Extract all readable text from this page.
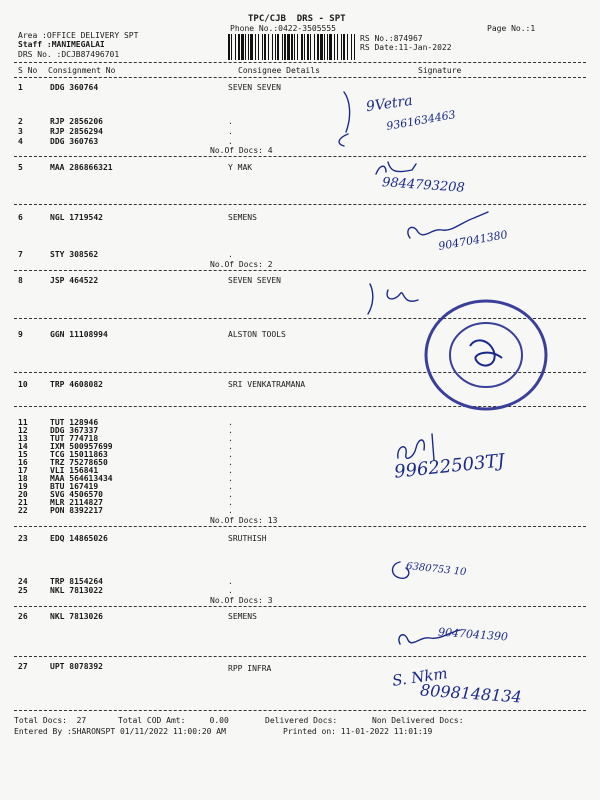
TPC/CJB  DRS - SPT
Phone No.:0422-3505555	Page No.:1
Area :OFFICE DELIVERY SPT
Staff :MANIMEGALAI
DRS No. :DCJB87496701
RS No.:874967
RS Date:11-Jan-2022
S No Consignment No	Consignee Details	Signature
1	DDG 360764	SEVEN SEVEN
2	RJP 2856206	.
3	RJP 2856294	.
4	DDG 360763	.
No.Of Docs: 4
5	MAA 286866321	Y MAK
6	NGL 1719542	SEMENS
7	STY 308562	.
No.Of Docs: 2
8	JSP 464522	SEVEN SEVEN
9	GGN 11108994	ALSTON TOOLS
10	TRP 4608082	SRI VENKATRAMANA
11	TUT 128946	.
12	DDG 367337	.
13	TUT 774718	.
14	IXM 500957699	.
15	TCG 15011863	.
16	TRZ 75278650	.
17	VLI 156841	.
18	MAA 564613434	.
19	BTU 167419	.
20	SVG 4506570	.
21	MLR 2114827	.
22	PON 8392217	.
No.Of Docs: 13
23	EDQ 14865026	SRUTHISH
24	TRP 8154264	.
25	NKL 7813022	.
No.Of Docs: 3
26	NKL 7813026	SEMENS
27	UPT 8078392	RPP INFRA
Total Docs:  27	Total COD Amt:     0.00	Delivered Docs:	Non Delivered Docs:
Entered By :SHARONSPT 01/11/2022 11:00:20 AM	Printed on: 11-01-2022 11:01:19
9Vetra
9361634463
9844793208
9047041380
99622503TJ
6380753 10
9047041390
S. Nkm
8098148134
